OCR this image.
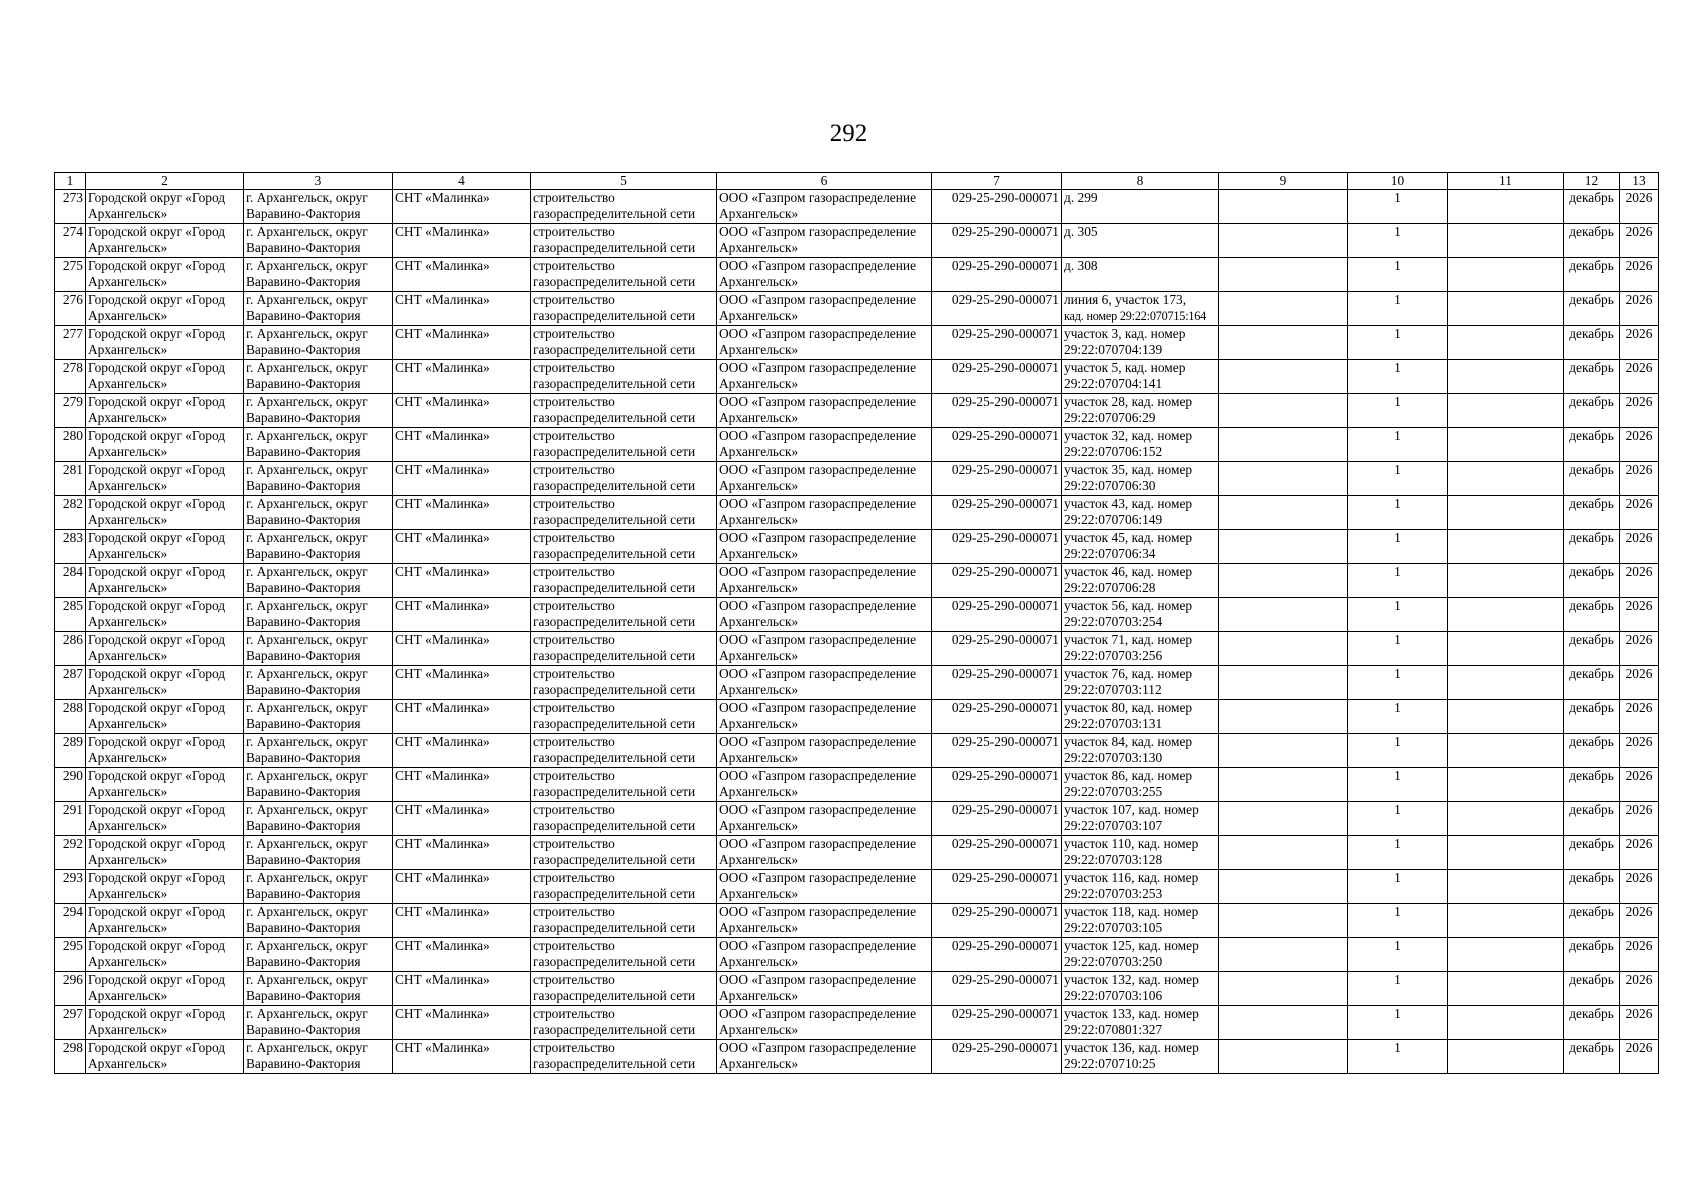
292
1	2	3	4	5	6	7	8	9	10	11	12	13
273	Городской округ «Город
Архангельск»	г. Архангельск, округ
Варавино-Фактория	СНТ «Малинка»	строительство
газораспределительной сети	ООО «Газпром газораспределение
Архангельск»	029-25-290-000071	д. 299		1		декабрь	2026
274	Городской округ «Город
Архангельск»	г. Архангельск, округ
Варавино-Фактория	СНТ «Малинка»	строительство
газораспределительной сети	ООО «Газпром газораспределение
Архангельск»	029-25-290-000071	д. 305		1		декабрь	2026
275	Городской округ «Город
Архангельск»	г. Архангельск, округ
Варавино-Фактория	СНТ «Малинка»	строительство
газораспределительной сети	ООО «Газпром газораспределение
Архангельск»	029-25-290-000071	д. 308		1		декабрь	2026
276	Городской округ «Город
Архангельск»	г. Архангельск, округ
Варавино-Фактория	СНТ «Малинка»	строительство
газораспределительной сети	ООО «Газпром газораспределение
Архангельск»	029-25-290-000071	линия 6, участок 173,
кад. номер 29:22:070715:164		1		декабрь	2026
277	Городской округ «Город
Архангельск»	г. Архангельск, округ
Варавино-Фактория	СНТ «Малинка»	строительство
газораспределительной сети	ООО «Газпром газораспределение
Архангельск»	029-25-290-000071	участок 3, кад. номер
29:22:070704:139		1		декабрь	2026
278	Городской округ «Город
Архангельск»	г. Архангельск, округ
Варавино-Фактория	СНТ «Малинка»	строительство
газораспределительной сети	ООО «Газпром газораспределение
Архангельск»	029-25-290-000071	участок 5, кад. номер
29:22:070704:141		1		декабрь	2026
279	Городской округ «Город
Архангельск»	г. Архангельск, округ
Варавино-Фактория	СНТ «Малинка»	строительство
газораспределительной сети	ООО «Газпром газораспределение
Архангельск»	029-25-290-000071	участок 28, кад. номер
29:22:070706:29		1		декабрь	2026
280	Городской округ «Город
Архангельск»	г. Архангельск, округ
Варавино-Фактория	СНТ «Малинка»	строительство
газораспределительной сети	ООО «Газпром газораспределение
Архангельск»	029-25-290-000071	участок 32, кад. номер
29:22:070706:152		1		декабрь	2026
281	Городской округ «Город
Архангельск»	г. Архангельск, округ
Варавино-Фактория	СНТ «Малинка»	строительство
газораспределительной сети	ООО «Газпром газораспределение
Архангельск»	029-25-290-000071	участок 35, кад. номер
29:22:070706:30		1		декабрь	2026
282	Городской округ «Город
Архангельск»	г. Архангельск, округ
Варавино-Фактория	СНТ «Малинка»	строительство
газораспределительной сети	ООО «Газпром газораспределение
Архангельск»	029-25-290-000071	участок 43, кад. номер
29:22:070706:149		1		декабрь	2026
283	Городской округ «Город
Архангельск»	г. Архангельск, округ
Варавино-Фактория	СНТ «Малинка»	строительство
газораспределительной сети	ООО «Газпром газораспределение
Архангельск»	029-25-290-000071	участок 45, кад. номер
29:22:070706:34		1		декабрь	2026
284	Городской округ «Город
Архангельск»	г. Архангельск, округ
Варавино-Фактория	СНТ «Малинка»	строительство
газораспределительной сети	ООО «Газпром газораспределение
Архангельск»	029-25-290-000071	участок 46, кад. номер
29:22:070706:28		1		декабрь	2026
285	Городской округ «Город
Архангельск»	г. Архангельск, округ
Варавино-Фактория	СНТ «Малинка»	строительство
газораспределительной сети	ООО «Газпром газораспределение
Архангельск»	029-25-290-000071	участок 56, кад. номер
29:22:070703:254		1		декабрь	2026
286	Городской округ «Город
Архангельск»	г. Архангельск, округ
Варавино-Фактория	СНТ «Малинка»	строительство
газораспределительной сети	ООО «Газпром газораспределение
Архангельск»	029-25-290-000071	участок 71, кад. номер
29:22:070703:256		1		декабрь	2026
287	Городской округ «Город
Архангельск»	г. Архангельск, округ
Варавино-Фактория	СНТ «Малинка»	строительство
газораспределительной сети	ООО «Газпром газораспределение
Архангельск»	029-25-290-000071	участок 76, кад. номер
29:22:070703:112		1		декабрь	2026
288	Городской округ «Город
Архангельск»	г. Архангельск, округ
Варавино-Фактория	СНТ «Малинка»	строительство
газораспределительной сети	ООО «Газпром газораспределение
Архангельск»	029-25-290-000071	участок 80, кад. номер
29:22:070703:131		1		декабрь	2026
289	Городской округ «Город
Архангельск»	г. Архангельск, округ
Варавино-Фактория	СНТ «Малинка»	строительство
газораспределительной сети	ООО «Газпром газораспределение
Архангельск»	029-25-290-000071	участок 84, кад. номер
29:22:070703:130		1		декабрь	2026
290	Городской округ «Город
Архангельск»	г. Архангельск, округ
Варавино-Фактория	СНТ «Малинка»	строительство
газораспределительной сети	ООО «Газпром газораспределение
Архангельск»	029-25-290-000071	участок 86, кад. номер
29:22:070703:255		1		декабрь	2026
291	Городской округ «Город
Архангельск»	г. Архангельск, округ
Варавино-Фактория	СНТ «Малинка»	строительство
газораспределительной сети	ООО «Газпром газораспределение
Архангельск»	029-25-290-000071	участок 107, кад. номер
29:22:070703:107		1		декабрь	2026
292	Городской округ «Город
Архангельск»	г. Архангельск, округ
Варавино-Фактория	СНТ «Малинка»	строительство
газораспределительной сети	ООО «Газпром газораспределение
Архангельск»	029-25-290-000071	участок 110, кад. номер
29:22:070703:128		1		декабрь	2026
293	Городской округ «Город
Архангельск»	г. Архангельск, округ
Варавино-Фактория	СНТ «Малинка»	строительство
газораспределительной сети	ООО «Газпром газораспределение
Архангельск»	029-25-290-000071	участок 116, кад. номер
29:22:070703:253		1		декабрь	2026
294	Городской округ «Город
Архангельск»	г. Архангельск, округ
Варавино-Фактория	СНТ «Малинка»	строительство
газораспределительной сети	ООО «Газпром газораспределение
Архангельск»	029-25-290-000071	участок 118, кад. номер
29:22:070703:105		1		декабрь	2026
295	Городской округ «Город
Архангельск»	г. Архангельск, округ
Варавино-Фактория	СНТ «Малинка»	строительство
газораспределительной сети	ООО «Газпром газораспределение
Архангельск»	029-25-290-000071	участок 125, кад. номер
29:22:070703:250		1		декабрь	2026
296	Городской округ «Город
Архангельск»	г. Архангельск, округ
Варавино-Фактория	СНТ «Малинка»	строительство
газораспределительной сети	ООО «Газпром газораспределение
Архангельск»	029-25-290-000071	участок 132, кад. номер
29:22:070703:106		1		декабрь	2026
297	Городской округ «Город
Архангельск»	г. Архангельск, округ
Варавино-Фактория	СНТ «Малинка»	строительство
газораспределительной сети	ООО «Газпром газораспределение
Архангельск»	029-25-290-000071	участок 133, кад. номер
29:22:070801:327		1		декабрь	2026
298	Городской округ «Город
Архангельск»	г. Архангельск, округ
Варавино-Фактория	СНТ «Малинка»	строительство
газораспределительной сети	ООО «Газпром газораспределение
Архангельск»	029-25-290-000071	участок 136, кад. номер
29:22:070710:25		1		декабрь	2026
